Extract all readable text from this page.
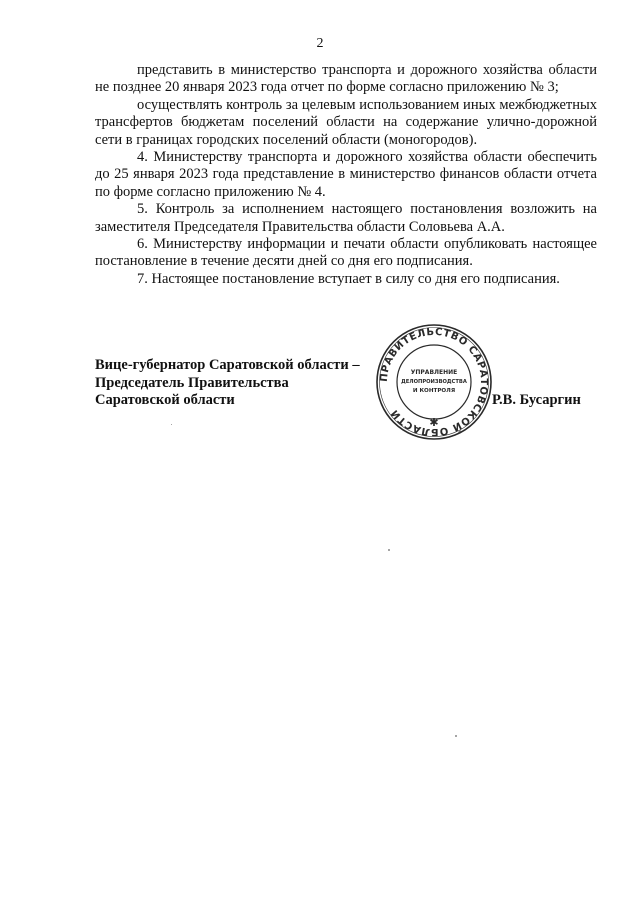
2

представить в министерство транспорта и дорожного хозяйства области не позднее 20 января 2023 года отчет по форме согласно приложению № 3;

осуществлять контроль за целевым использованием иных межбюджетных трансфертов бюджетам поселений области на содержание улично-дорожной сети в границах городских поселений области (моногородов).

4. Министерству транспорта и дорожного хозяйства области обеспечить до 25 января 2023 года представление в министерство финансов области отчета по форме согласно приложению № 4.

5. Контроль за исполнением настоящего постановления возложить на заместителя Председателя Правительства области Соловьева А.А.

6. Министерству информации и печати области опубликовать настоящее постановление в течение десяти дней со дня его подписания.

7. Настоящее постановление вступает в силу со дня его подписания.

Вице-губернатор Саратовской области –
Председатель Правительства
Саратовской области	Р.В. Бусаргин
ПРАВИТЕЛЬСТВО САРАТОВСКОЙ ОБЛАСТИ
УПРАВЛЕНИЕ
ДЕЛОПРОИЗВОДСТВА
И КОНТРОЛЯ
✱
